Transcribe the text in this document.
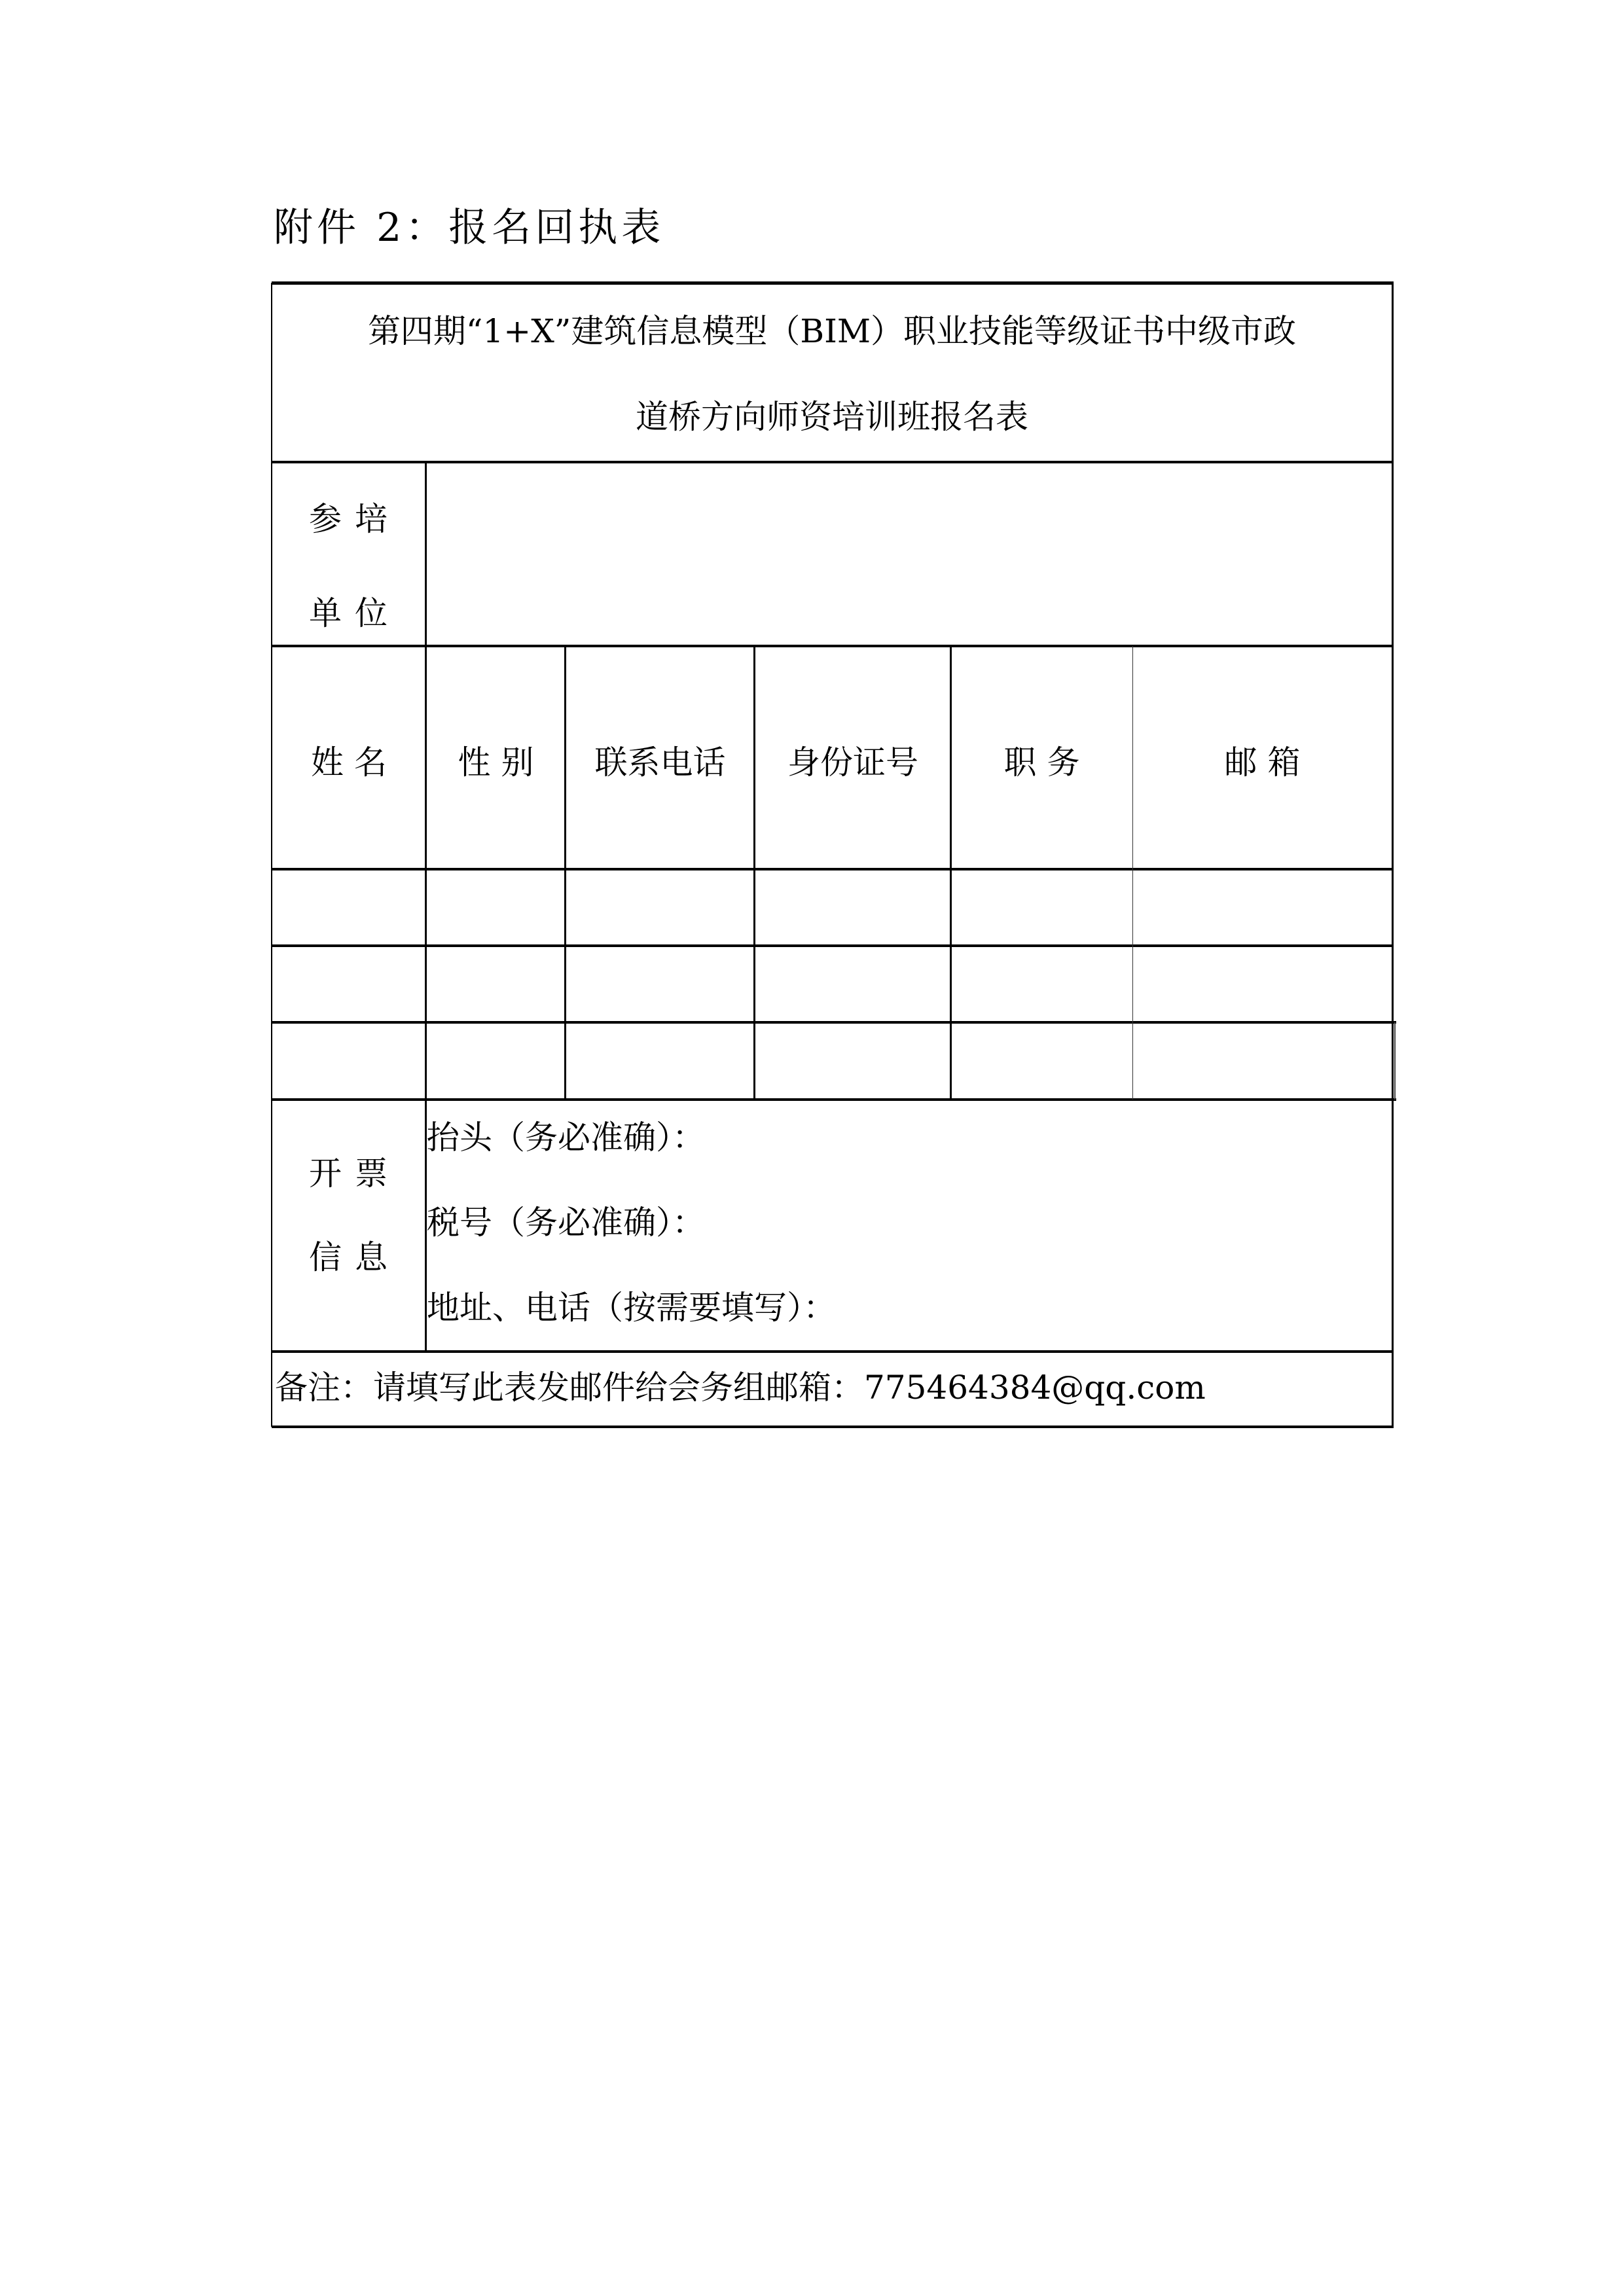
附件 2：报名回执表
第四期“1+X”建筑信息模型（BIM）职业技能等级证书中级市政
道桥方向师资培训班报名表
参 培
单 位
姓 名	性 别	联系电话	身份证号	职 务	邮 箱
开 票
信 息
抬头（务必准确）：
税号（务必准确）：
地址、电话（按需要填写）：
备注：请填写此表发邮件给会务组邮箱：775464384@qq.com
